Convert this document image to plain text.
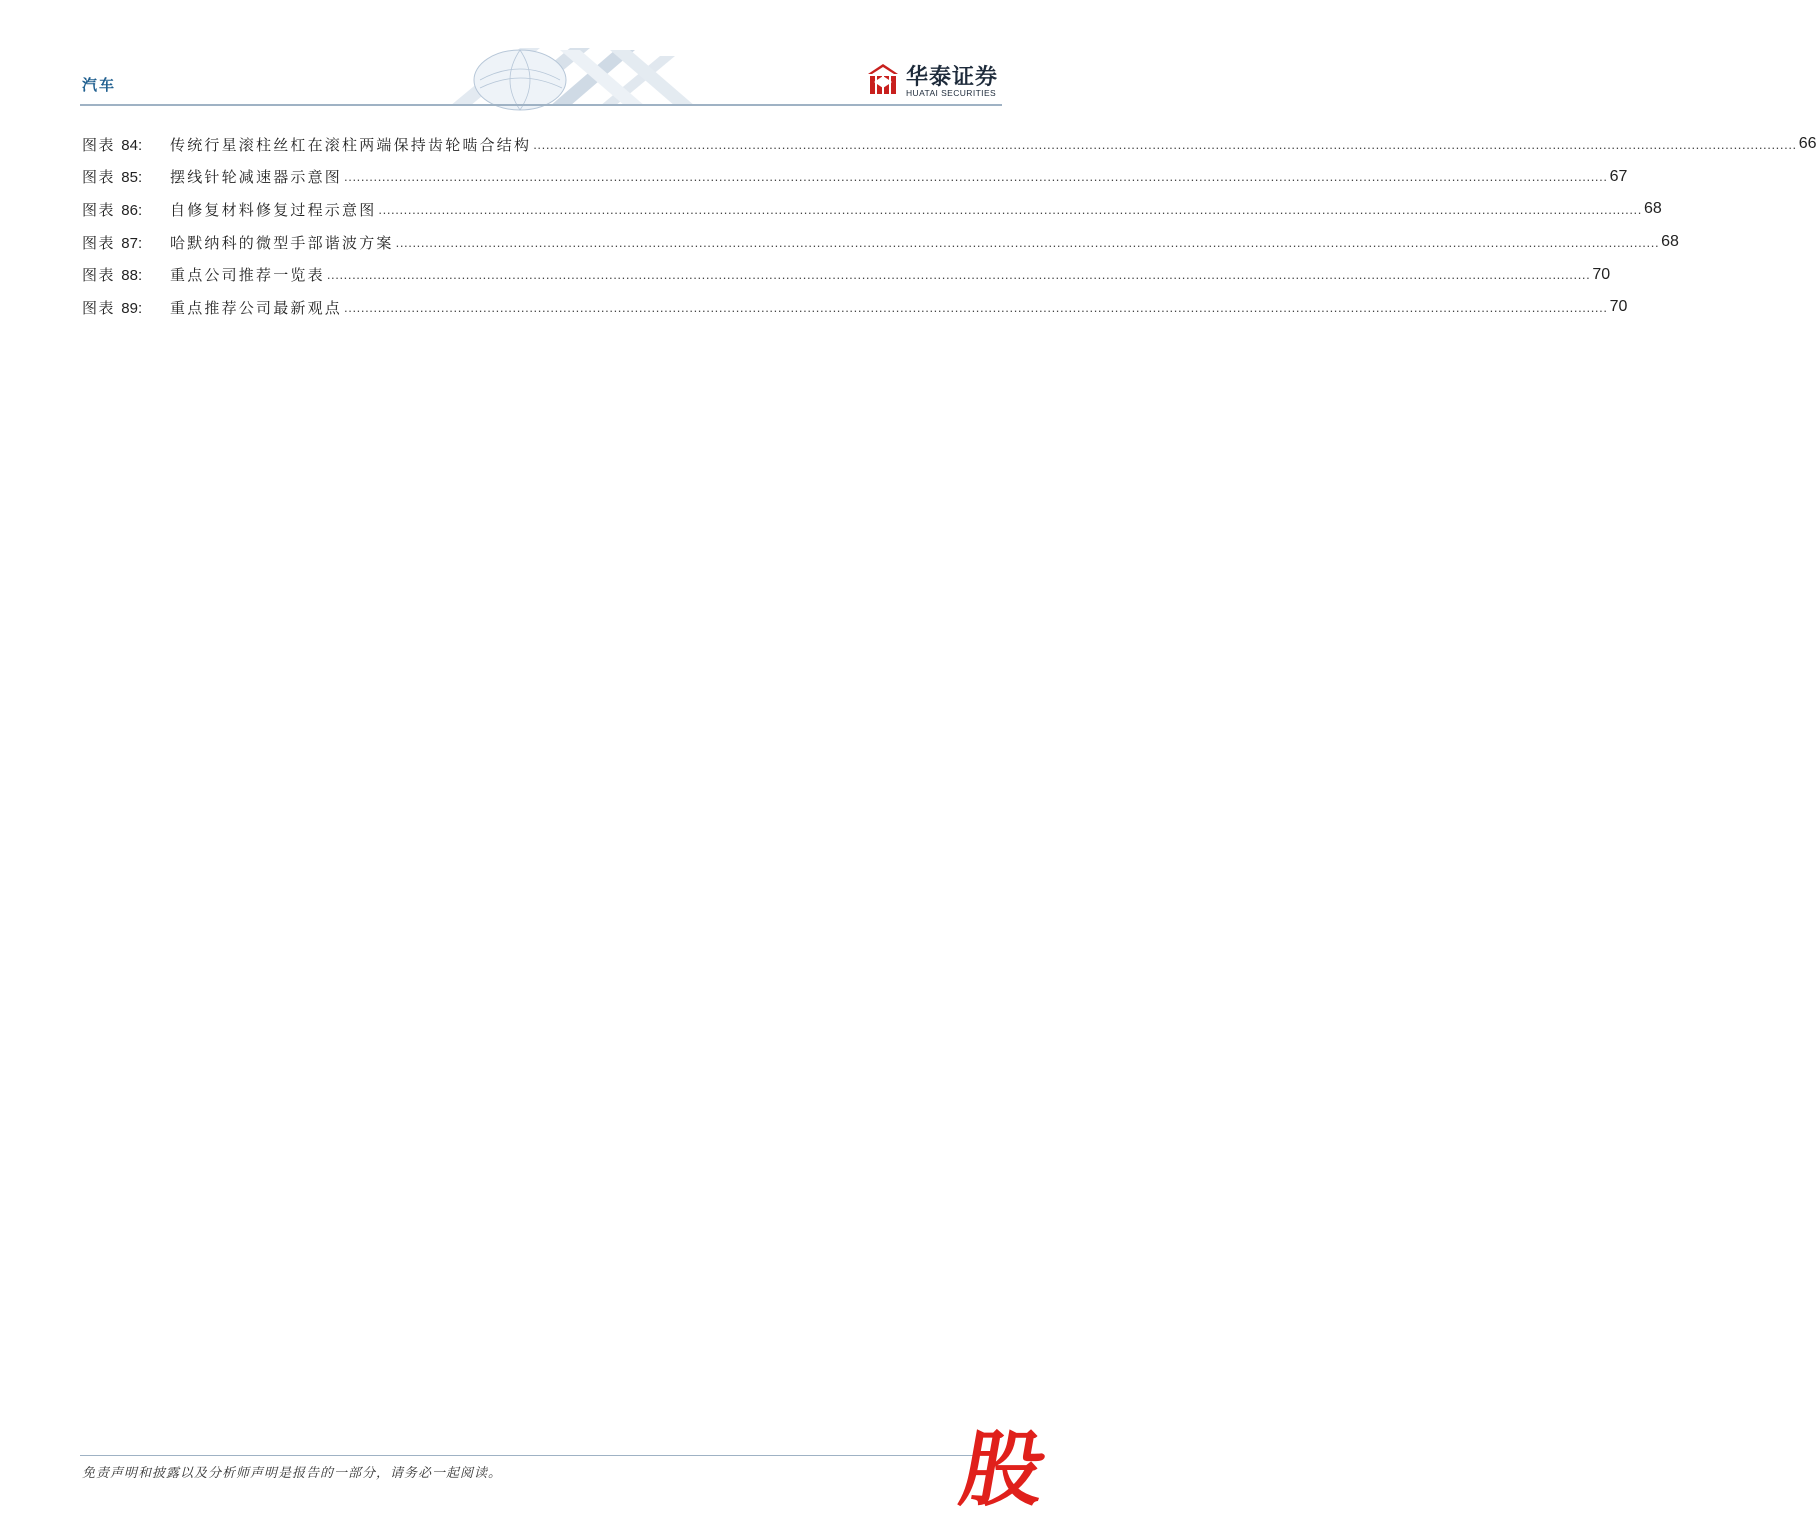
汽车	华泰证券
HUATAI SECURITIES
图表 84:	传统行星滚柱丝杠在滚柱两端保持齿轮啮合结构 ............................................................................................................................................................................................................................................................................................................ 66
图表 85:	摆线针轮减速器示意图 ............................................................................................................................................................................................................................................................................................................ 67
图表 86:	自修复材料修复过程示意图 ............................................................................................................................................................................................................................................................................................................ 68
图表 87:	哈默纳科的微型手部谐波方案 ............................................................................................................................................................................................................................................................................................................ 68
图表 88:	重点公司推荐一览表 ............................................................................................................................................................................................................................................................................................................ 70
图表 89:	重点推荐公司最新观点 ............................................................................................................................................................................................................................................................................................................ 70
免责声明和披露以及分析师声明是报告的一部分，请务必一起阅读。	股
